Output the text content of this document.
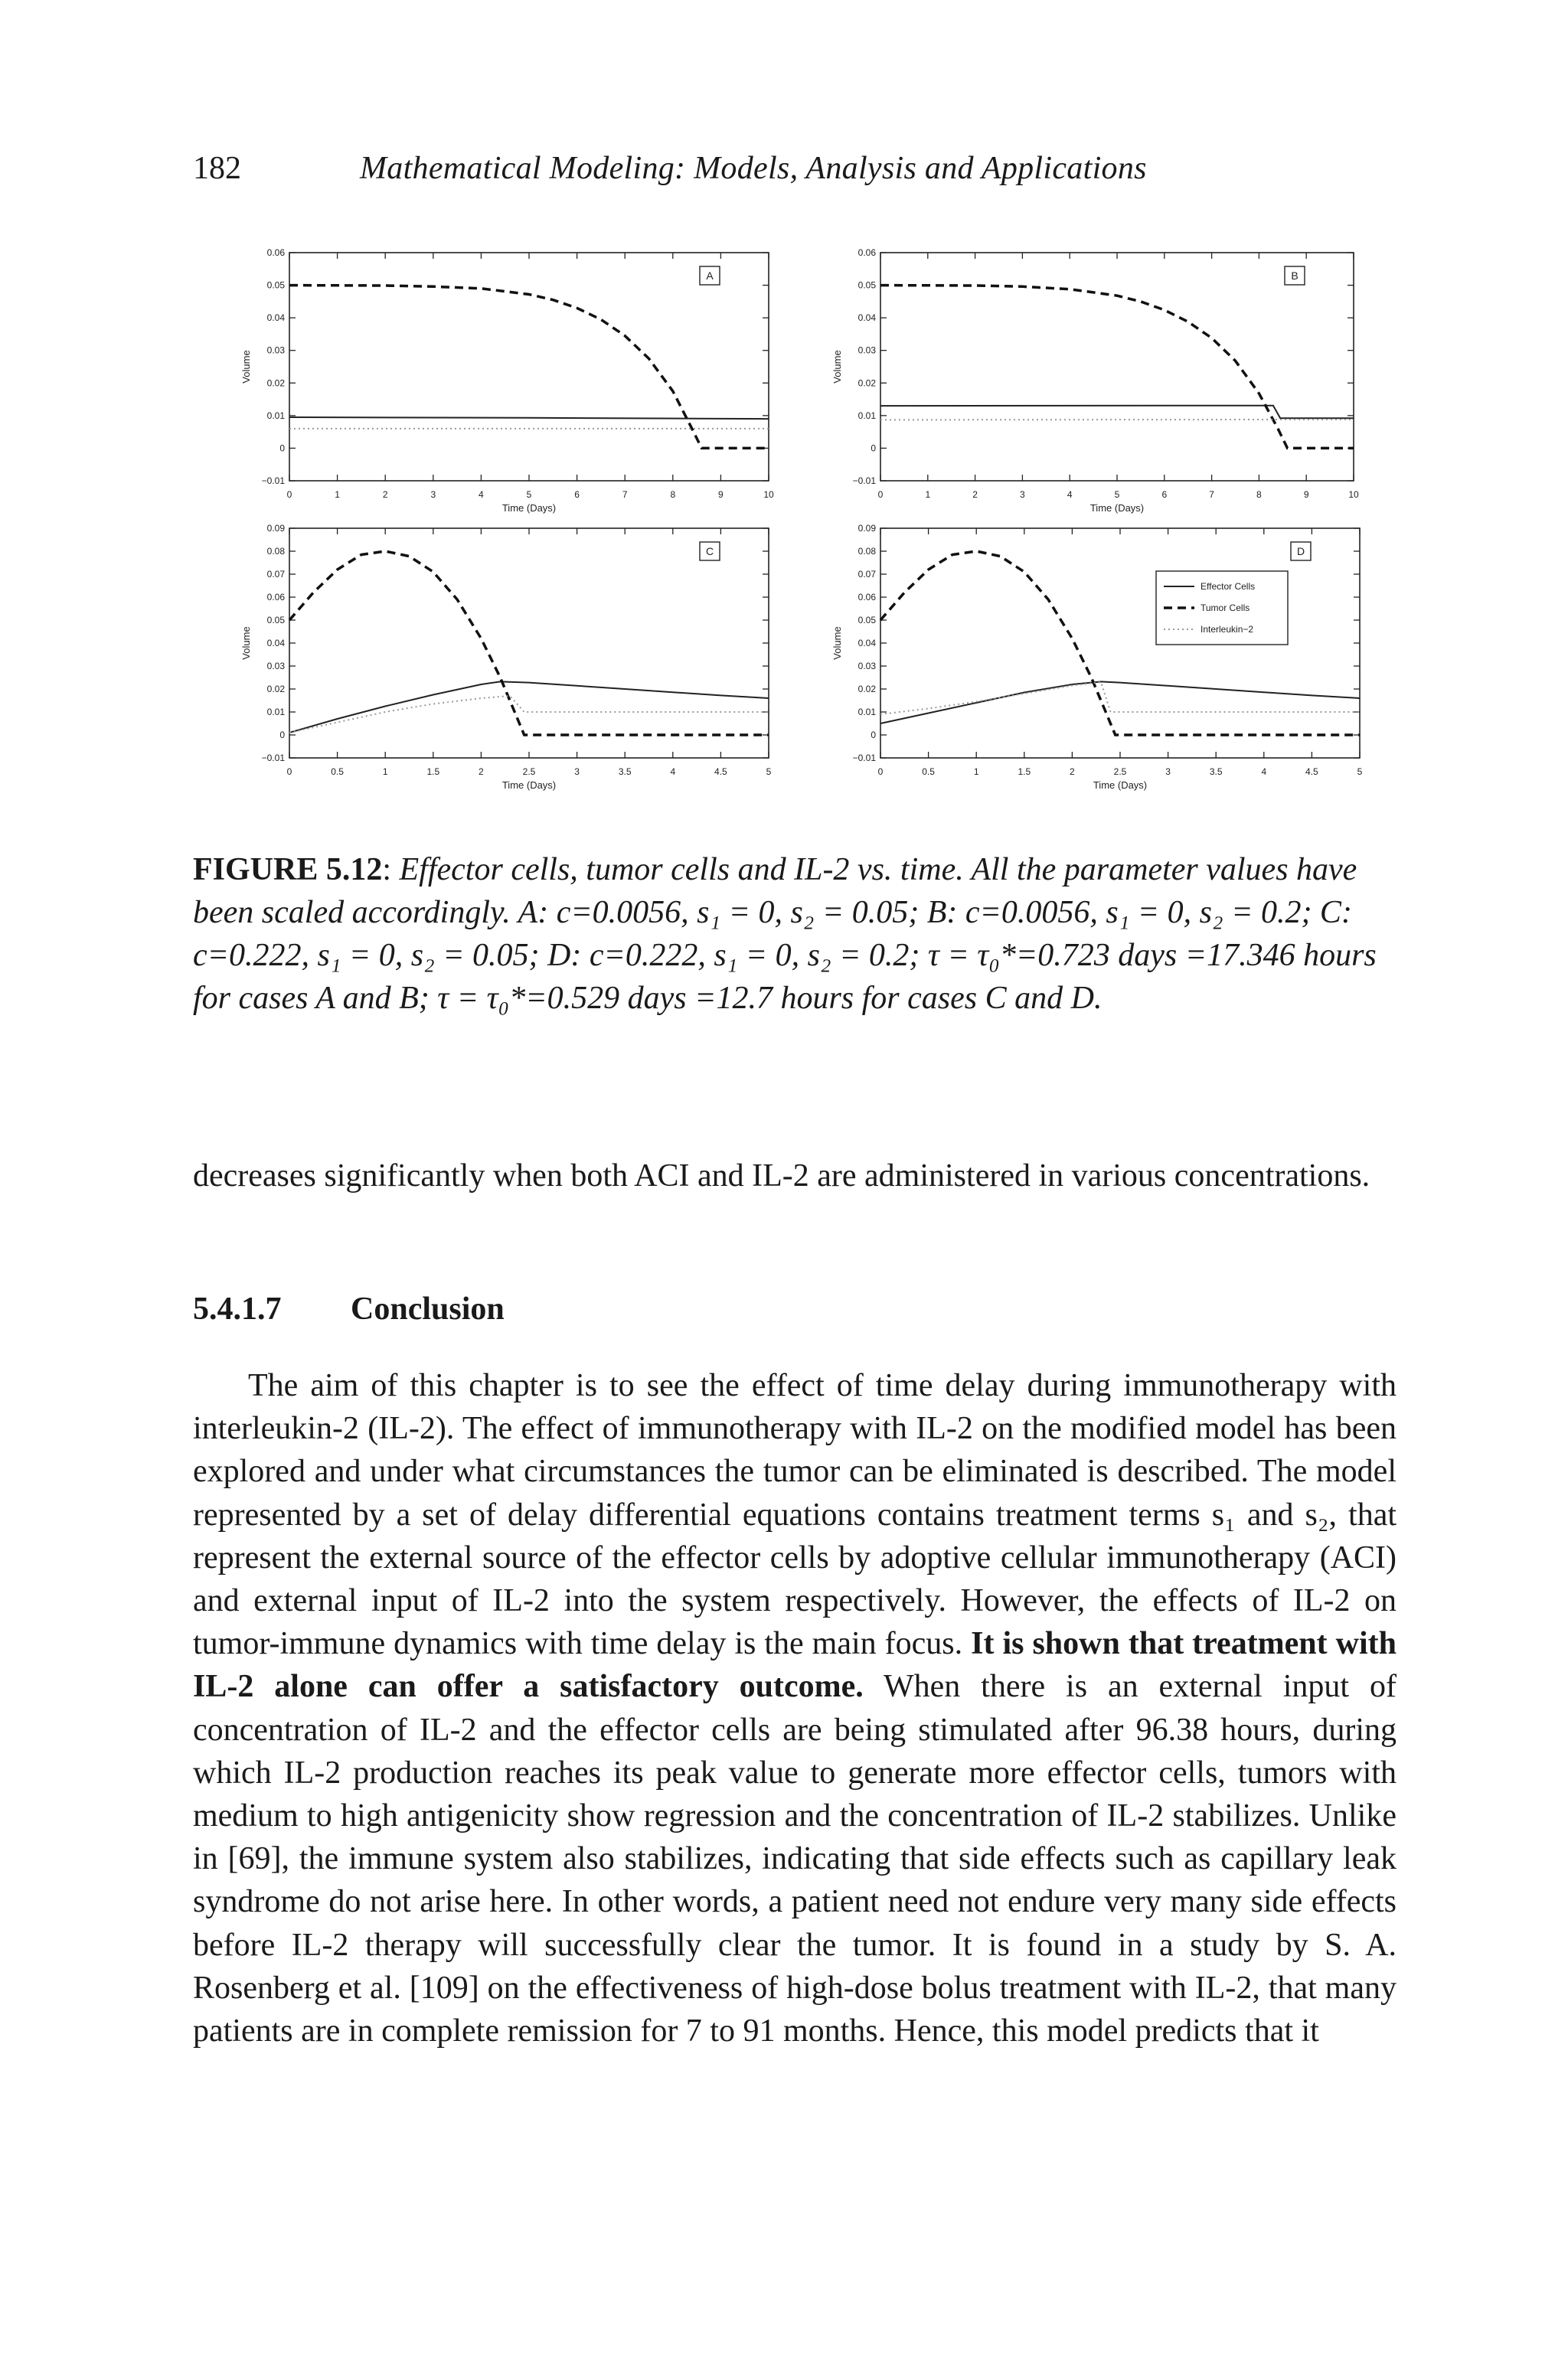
182	Mathematical Modeling: Models, Analysis and Applications
0	1	2	3	4	5	6	7	8	9	10
−0.01
0
0.01
0.02
0.03
0.04
0.05
0.06
Time (Days)
Volume
A
0	1	2	3	4	5	6	7	8	9	10
−0.01
0
0.01
0.02
0.03
0.04
0.05
0.06
Time (Days)
Volume
B
0	0.5	1	1.5	2	2.5	3	3.5	4	4.5	5
−0.01
0
0.01
0.02
0.03
0.04
0.05
0.06
0.07
0.08
0.09
Time (Days)
Volume
C
0	0.5	1	1.5	2	2.5	3	3.5	4	4.5	5
−0.01
0
0.01
0.02
0.03
0.04
0.05
0.06
0.07
0.08
0.09
Time (Days)
Volume
D
Effector Cells
Tumor Cells
Interleukin−2
FIGURE 5.12: Effector cells, tumor cells and IL-2 vs. time. All the parameter values have been scaled accordingly. A: c=0.0056, s₁ = 0, s₂ = 0.05; B: c=0.0056, s₁ = 0, s₂ = 0.2; C: c=0.222, s₁ = 0, s₂ = 0.05; D: c=0.222, s₁ = 0, s₂ = 0.2; τ = τ₀*=0.723 days =17.346 hours for cases A and B; τ = τ₀*=0.529 days =12.7 hours for cases C and D.
decreases significantly when both ACI and IL-2 are administered in various concentrations.
5.4.1.7 Conclusion
The aim of this chapter is to see the effect of time delay during immunotherapy with interleukin-2 (IL-2). The effect of immunotherapy with IL-2 on the modified model has been explored and under what circumstances the tumor can be eliminated is described. The model represented by a set of delay differential equations contains treatment terms s₁ and s₂, that represent the external source of the effector cells by adoptive cellular immunotherapy (ACI) and external input of IL-2 into the system respectively. However, the effects of IL-2 on tumor-immune dynamics with time delay is the main focus. It is shown that treatment with IL-2 alone can offer a satisfactory outcome. When there is an external input of concentration of IL-2 and the effector cells are being stimulated after 96.38 hours, during which IL-2 production reaches its peak value to generate more effector cells, tumors with medium to high antigenicity show regression and the concentration of IL-2 stabilizes. Unlike in [69], the immune system also stabilizes, indicating that side effects such as capillary leak syndrome do not arise here. In other words, a patient need not endure very many side effects before IL-2 therapy will successfully clear the tumor. It is found in a study by S. A. Rosenberg et al. [109] on the effectiveness of high-dose bolus treatment with IL-2, that many patients are in complete remission for 7 to 91 months. Hence, this model predicts that it
